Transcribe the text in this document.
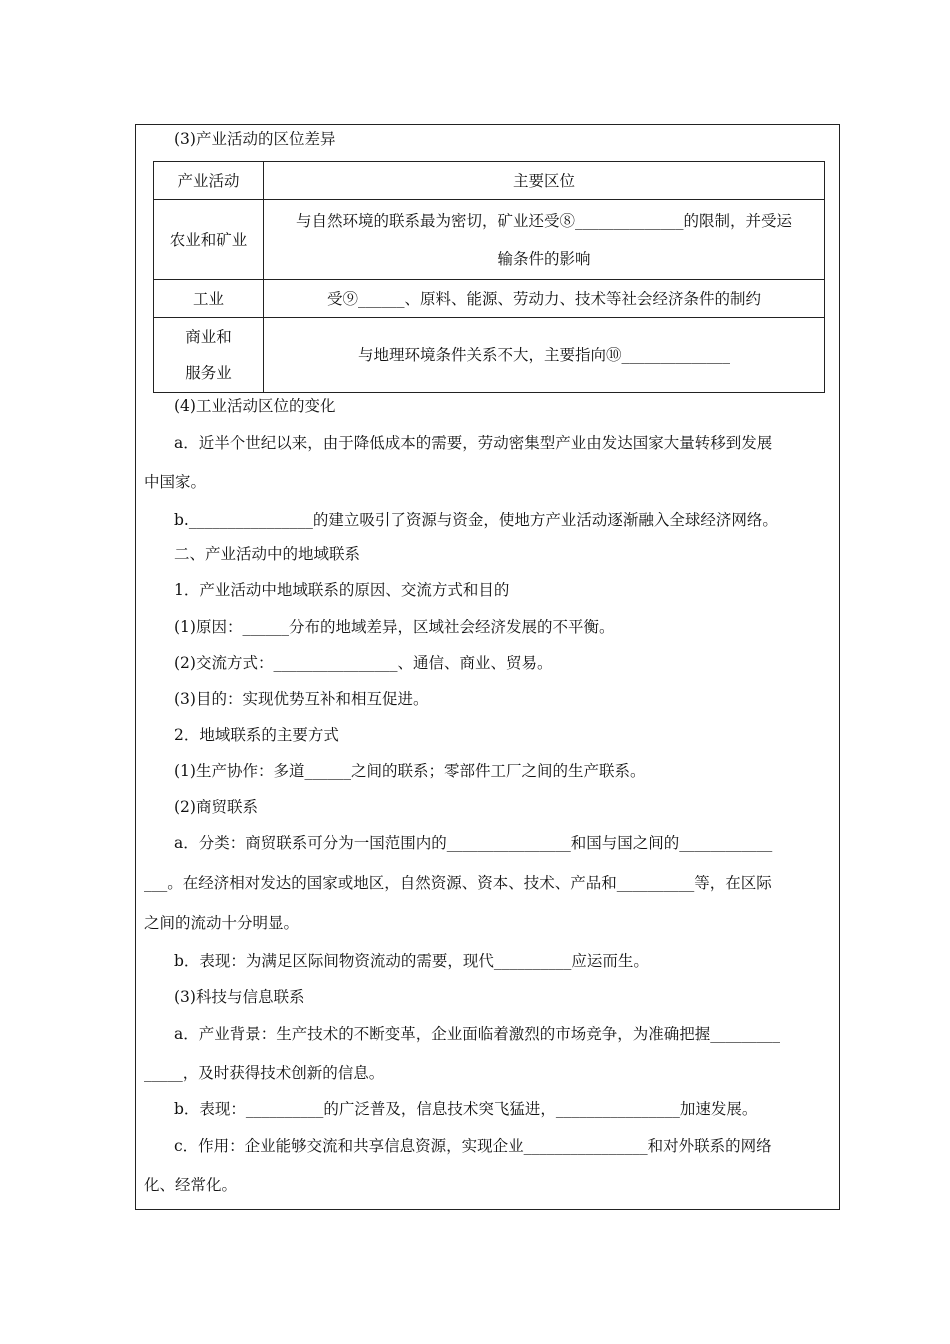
(3)产业活动的区位差异
产业活动	主要区位
农业和矿业	与自然环境的联系最为密切，矿业还受⑧______________的限制，并受运
输条件的影响
工业	受⑨______、原料、能源、劳动力、技术等社会经济条件的制约
商业和
服务业	与地理环境条件关系不大，主要指向⑩______________
(4)工业活动区位的变化
a．近半个世纪以来，由于降低成本的需要，劳动密集型产业由发达国家大量转移到发展
中国家。
b.________________的建立吸引了资源与资金，使地方产业活动逐渐融入全球经济网络。
二、产业活动中的地域联系
1．产业活动中地域联系的原因、交流方式和目的
(1)原因：______分布的地域差异，区域社会经济发展的不平衡。
(2)交流方式：________________、通信、商业、贸易。
(3)目的：实现优势互补和相互促进。
2．地域联系的主要方式
(1)生产协作：多道______之间的联系；零部件工厂之间的生产联系。
(2)商贸联系
a．分类：商贸联系可分为一国范围内的________________和国与国之间的____________
___。在经济相对发达的国家或地区，自然资源、资本、技术、产品和__________等，在区际
之间的流动十分明显。
b．表现：为满足区际间物资流动的需要，现代__________应运而生。
(3)科技与信息联系
a．产业背景：生产技术的不断变革，企业面临着激烈的市场竞争，为准确把握_________
_____，及时获得技术创新的信息。
b．表现：__________的广泛普及，信息技术突飞猛进，________________加速发展。
c．作用：企业能够交流和共享信息资源，实现企业________________和对外联系的网络
化、经常化。
